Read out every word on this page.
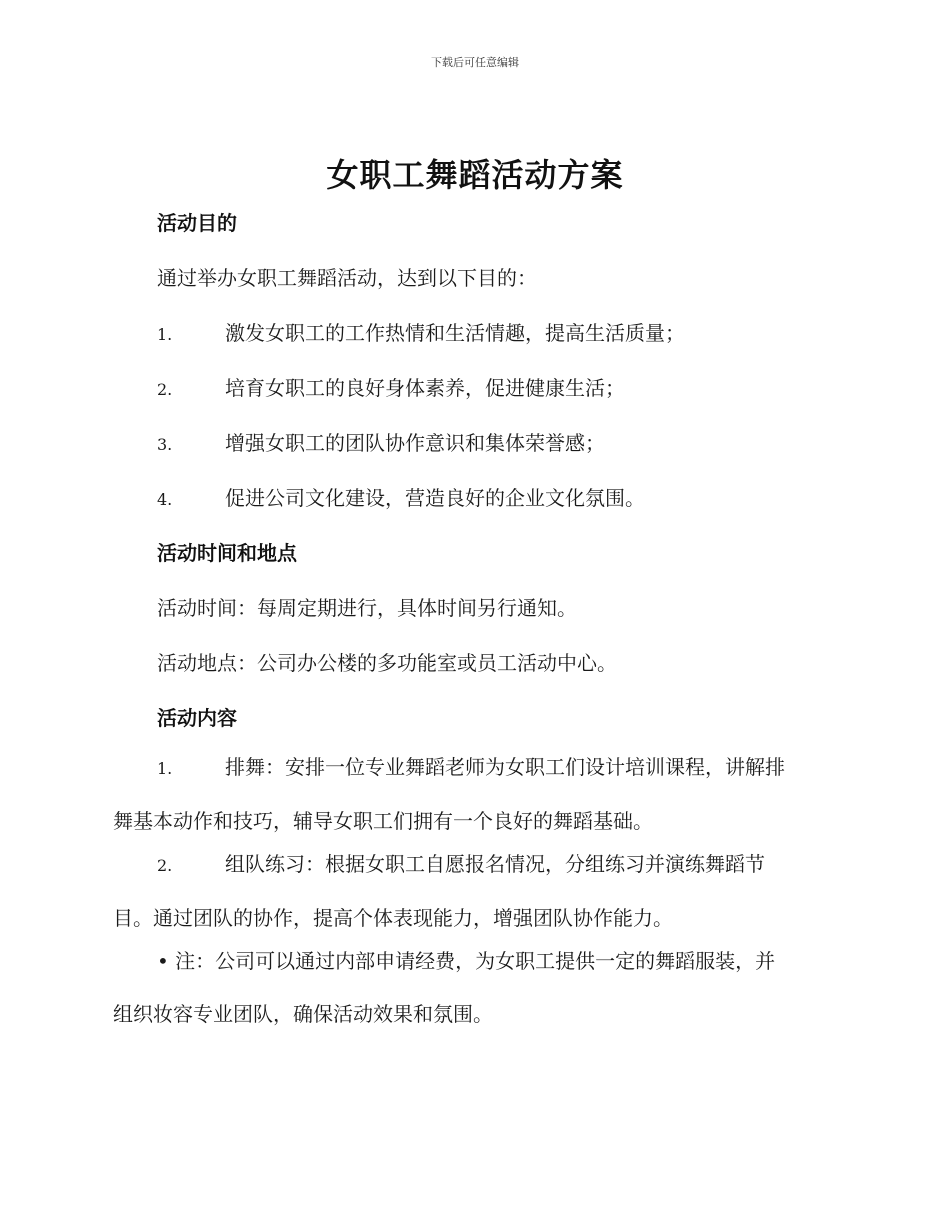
下载后可任意编辑
女职工舞蹈活动方案
活动目的
通过举办女职工舞蹈活动，达到以下目的：
1.	激发女职工的工作热情和生活情趣，提高生活质量；
2.	培育女职工的良好身体素养，促进健康生活；
3.	增强女职工的团队协作意识和集体荣誉感；
4.	促进公司文化建设，营造良好的企业文化氛围。
活动时间和地点
活动时间：每周定期进行，具体时间另行通知。
活动地点：公司办公楼的多功能室或员工活动中心。
活动内容
1.	排舞：安排一位专业舞蹈老师为女职工们设计培训课程，讲解排
舞基本动作和技巧，辅导女职工们拥有一个良好的舞蹈基础。
2.	组队练习：根据女职工自愿报名情况，分组练习并演练舞蹈节
目。通过团队的协作，提高个体表现能力，增强团队协作能力。
• 注：公司可以通过内部申请经费，为女职工提供一定的舞蹈服装，并
组织妆容专业团队，确保活动效果和氛围。
